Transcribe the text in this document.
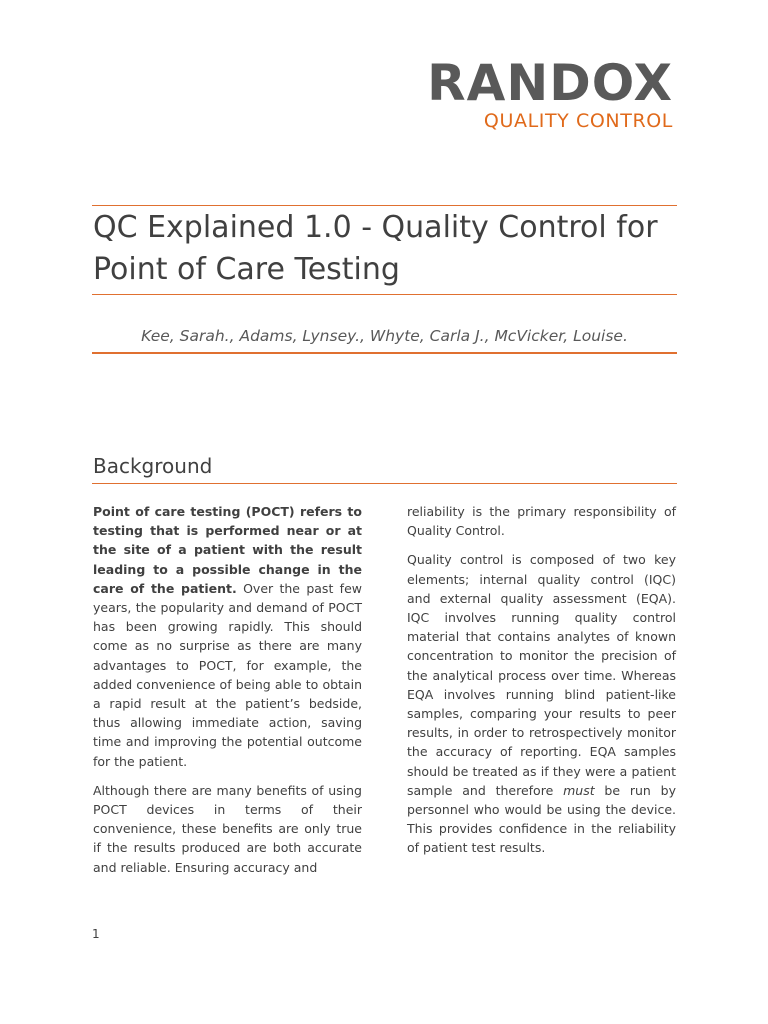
RANDOX
QUALITY CONTROL
QC Explained 1.0 - Quality Control for Point of Care Testing

Kee, Sarah., Adams, Lynsey., Whyte, Carla J., McVicker, Louise.

Background

Point of care testing (POCT) refers to testing that is performed near or at the site of a patient with the result leading to a possible change in the care of the patient. Over the past few years, the popularity and demand of POCT has been growing rapidly. This should come as no surprise as there are many advantages to POCT, for example, the added convenience of being able to obtain a rapid result at the patient’s bedside, thus allowing immediate action, saving time and improving the potential outcome for the patient.

Although there are many benefits of using POCT devices in terms of their convenience, these benefits are only true if the results produced are both accurate and reliable. Ensuring accuracy and

reliability is the primary responsibility of Quality Control.

Quality control is composed of two key elements; internal quality control (IQC) and external quality assessment (EQA). IQC involves running quality control material that contains analytes of known concentration to monitor the precision of the analytical process over time. Whereas EQA involves running blind patient-like samples, comparing your results to peer results, in order to retrospectively monitor the accuracy of reporting. EQA samples should be treated as if they were a patient sample and therefore must be run by personnel who would be using the device. This provides confidence in the reliability of patient test results.

1
